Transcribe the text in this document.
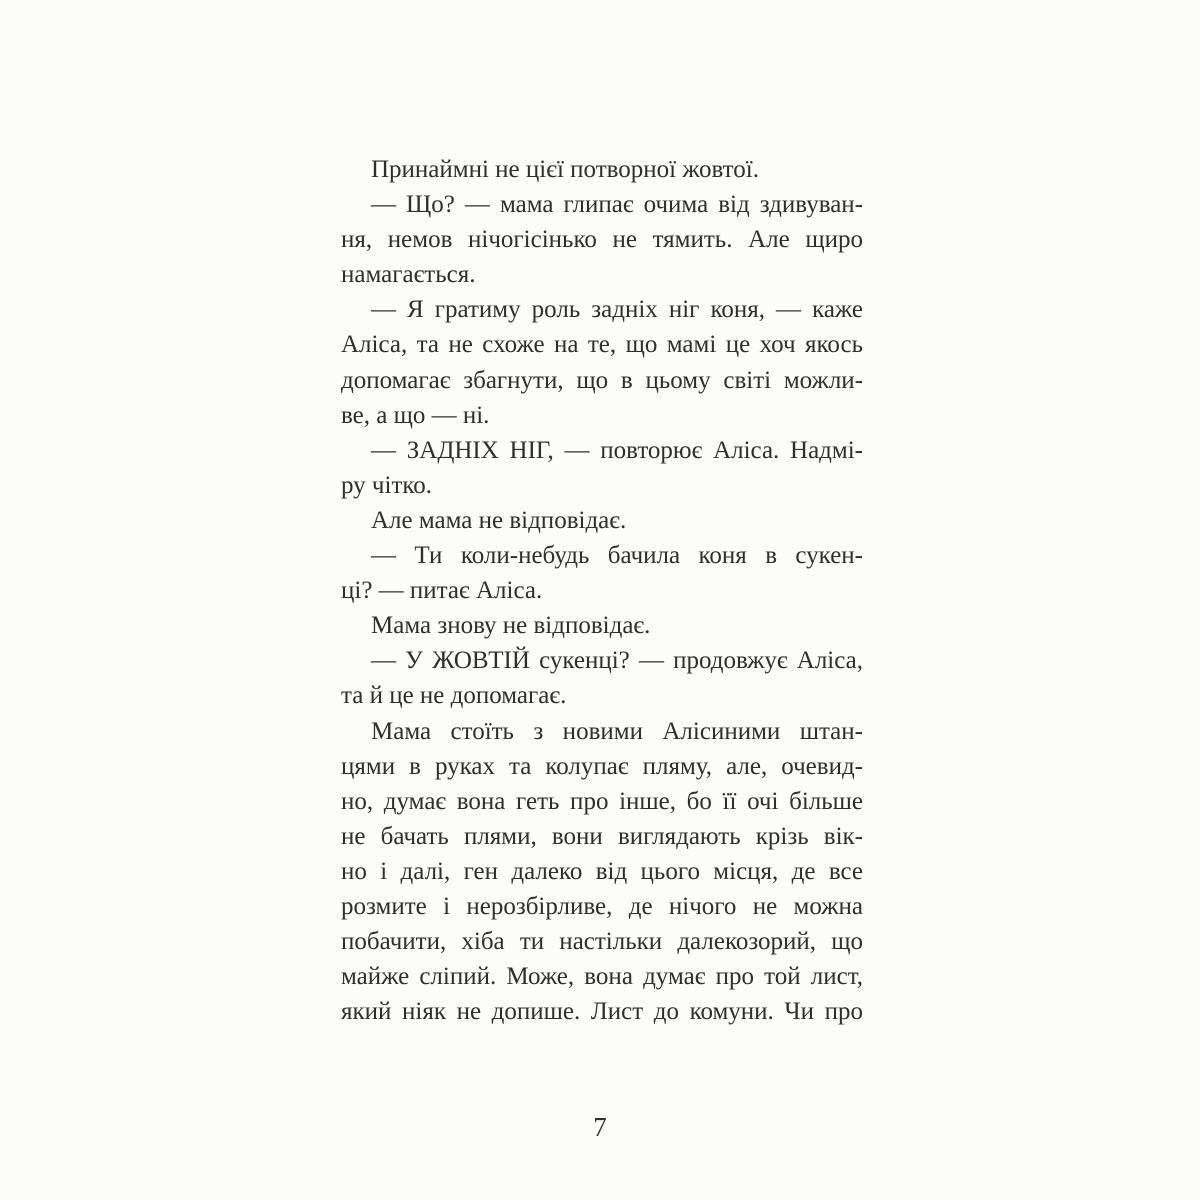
Принаймні не цієї потворної жовтої.
— Що? — мама глипає очима від здивуван-
ня, немов нічогісінько не тямить. Але щиро
намагається.
— Я гратиму роль задніх ніг коня, — каже
Аліса, та не схоже на те, що мамі це хоч якось
допомагає збагнути, що в цьому світі можли-
ве, а що — ні.
— ЗАДНІХ НІГ, — повторює Аліса. Надмі-
ру чітко.
Але мама не відповідає.
— Ти коли-небудь бачила коня в сукен-
ці? — питає Аліса.
Мама знову не відповідає.
— У ЖОВТІЙ сукенці? — продовжує Аліса,
та й це не допомагає.
Мама стоїть з новими Алісиними штан-
цями в руках та колупає пляму, але, очевид-
но, думає вона геть про інше, бо її очі більше
не бачать плями, вони виглядають крізь вік-
но і далі, ген далеко від цього місця, де все
розмите і нерозбірливе, де нічого не можна
побачити, хіба ти настільки далекозорий, що
майже сліпий. Може, вона думає про той лист,
який ніяк не допише. Лист до комуни. Чи про
7
